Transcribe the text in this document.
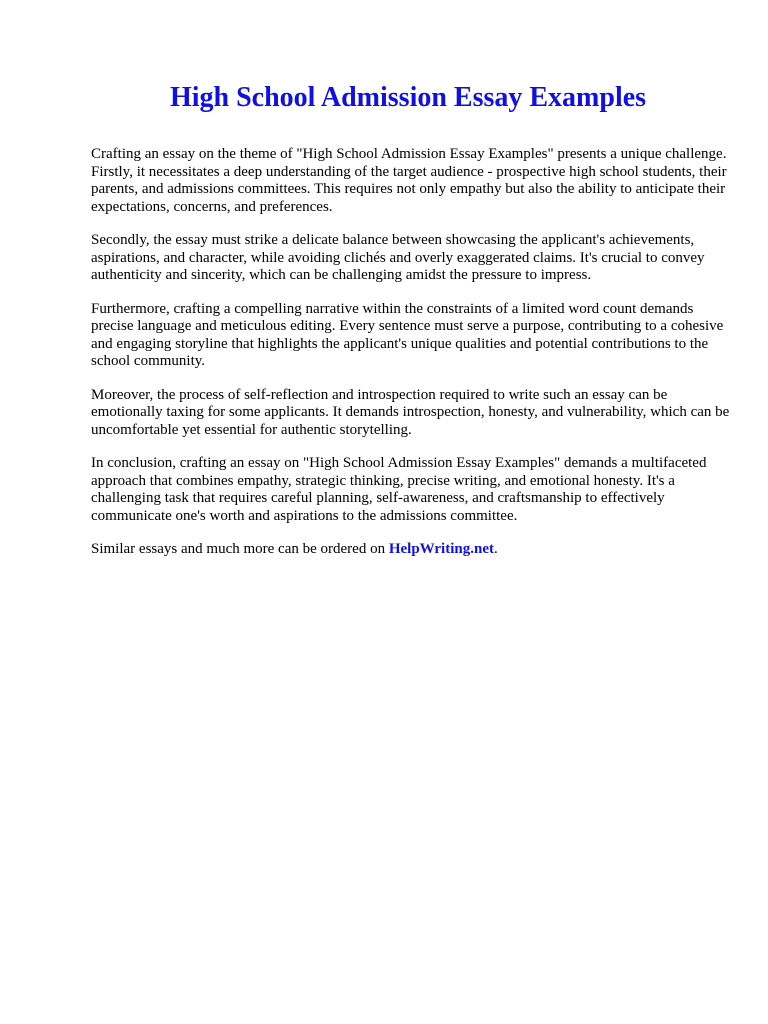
High School Admission Essay Examples

Crafting an essay on the theme of "High School Admission Essay Examples" presents a unique challenge. Firstly, it necessitates a deep understanding of the target audience - prospective high school students, their parents, and admissions committees. This requires not only empathy but also the ability to anticipate their expectations, concerns, and preferences.

Secondly, the essay must strike a delicate balance between showcasing the applicant's achievements, aspirations, and character, while avoiding clichés and overly exaggerated claims. It's crucial to convey authenticity and sincerity, which can be challenging amidst the pressure to impress.

Furthermore, crafting a compelling narrative within the constraints of a limited word count demands precise language and meticulous editing. Every sentence must serve a purpose, contributing to a cohesive and engaging storyline that highlights the applicant's unique qualities and potential contributions to the school community.

Moreover, the process of self-reflection and introspection required to write such an essay can be emotionally taxing for some applicants. It demands introspection, honesty, and vulnerability, which can be uncomfortable yet essential for authentic storytelling.

In conclusion, crafting an essay on "High School Admission Essay Examples" demands a multifaceted approach that combines empathy, strategic thinking, precise writing, and emotional honesty. It's a challenging task that requires careful planning, self-awareness, and craftsmanship to effectively communicate one's worth and aspirations to the admissions committee.

Similar essays and much more can be ordered on HelpWriting.net.
